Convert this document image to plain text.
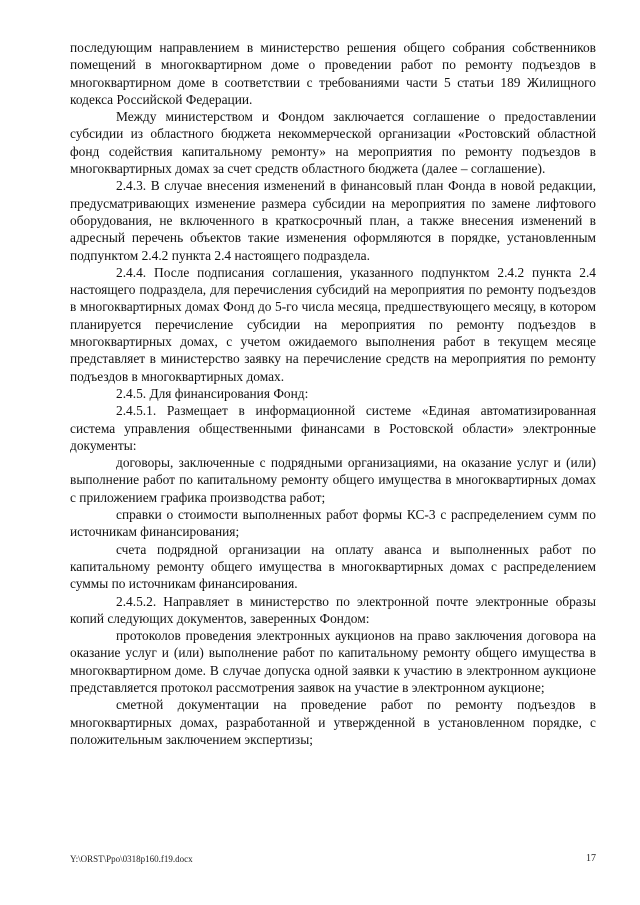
последующим направлением в министерство решения общего собрания собственников помещений в многоквартирном доме о проведении работ по ремонту подъездов в многоквартирном доме в соответствии с требованиями части 5 статьи 189 Жилищного кодекса Российской Федерации.

Между министерством и Фондом заключается соглашение о предоставлении субсидии из областного бюджета некоммерческой организации «Ростовский областной фонд содействия капитальному ремонту» на мероприятия по ремонту подъездов в многоквартирных домах за счет средств областного бюджета (далее – соглашение).

2.4.3. В случае внесения изменений в финансовый план Фонда в новой редакции, предусматривающих изменение размера субсидии на мероприятия по замене лифтового оборудования, не включенного в краткосрочный план, а также внесения изменений в адресный перечень объектов такие изменения оформляются в порядке, установленным подпунктом 2.4.2 пункта 2.4 настоящего подраздела.

2.4.4. После подписания соглашения, указанного подпунктом 2.4.2 пункта 2.4 настоящего подраздела, для перечисления субсидий на мероприятия по ремонту подъездов в многоквартирных домах Фонд до 5-го числа месяца, предшествующего месяцу, в котором планируется перечисление субсидии на мероприятия по ремонту подъездов в многоквартирных домах, с учетом ожидаемого выполнения работ в текущем месяце представляет в министерство заявку на перечисление средств на мероприятия по ремонту подъездов в многоквартирных домах.

2.4.5. Для финансирования Фонд:

2.4.5.1. Размещает в информационной системе «Единая автоматизированная система управления общественными финансами в Ростовской области» электронные документы:

договоры, заключенные с подрядными организациями, на оказание услуг и (или) выполнение работ по капитальному ремонту общего имущества в многоквартирных домах с приложением графика производства работ;

справки о стоимости выполненных работ формы КС-3 с распределением сумм по источникам финансирования;

счета подрядной организации на оплату аванса и выполненных работ по капитальному ремонту общего имущества в многоквартирных домах с распределением суммы по источникам финансирования.

2.4.5.2. Направляет в министерство по электронной почте электронные образы копий следующих документов, заверенных Фондом:

протоколов проведения электронных аукционов на право заключения договора на оказание услуг и (или) выполнение работ по капитальному ремонту общего имущества в многоквартирном доме. В случае допуска одной заявки к участию в электронном аукционе представляется протокол рассмотрения заявок на участие в электронном аукционе;

сметной документации на проведение работ по ремонту подъездов в многоквартирных домах, разработанной и утвержденной в установленном порядке, с положительным заключением экспертизы;

Y:\ORST\Ppo\0318p160.f19.docx	17
